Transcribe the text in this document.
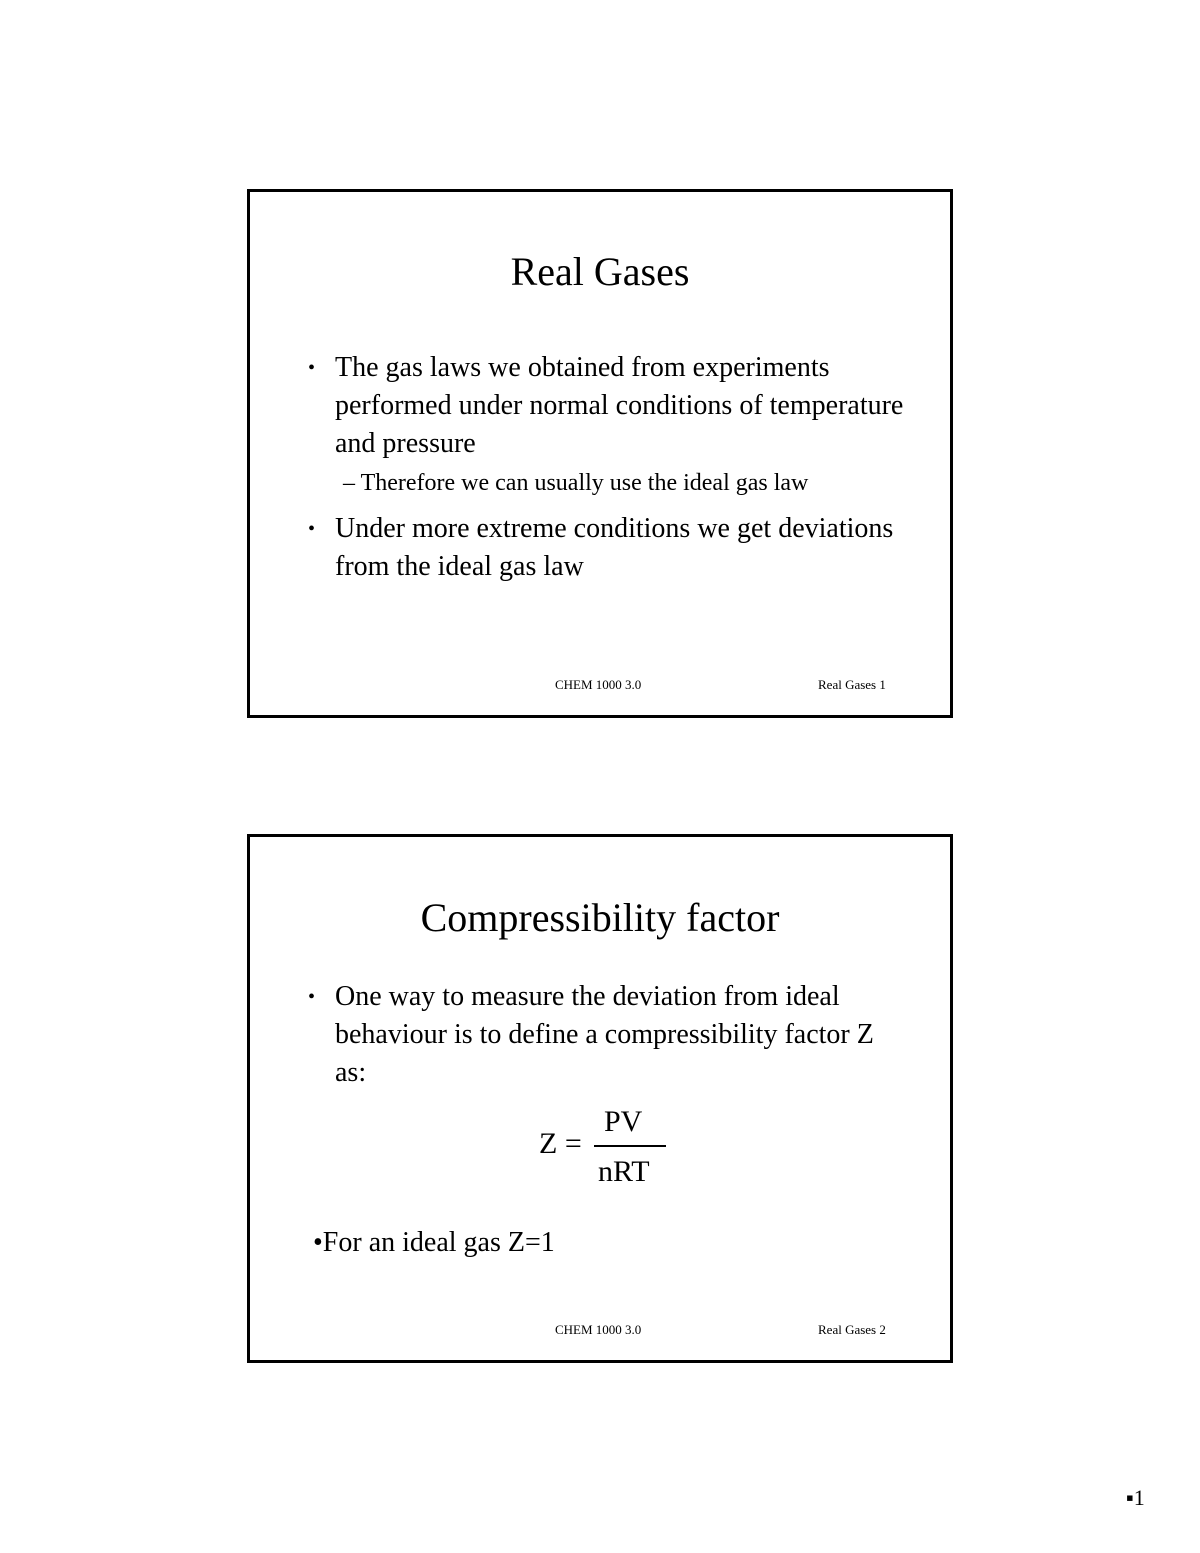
Real Gases
• The gas laws we obtained from experiments performed under normal conditions of temperature and pressure
– Therefore we can usually use the ideal gas law
• Under more extreme conditions we get deviations from the ideal gas law
CHEM 1000 3.0	Real Gases 1
Compressibility factor
• One way to measure the deviation from ideal behaviour is to define a compressibility factor Z as:
Z =
PV
nRT
•For an ideal gas Z=1
CHEM 1000 3.0	Real Gases 2
▪1
